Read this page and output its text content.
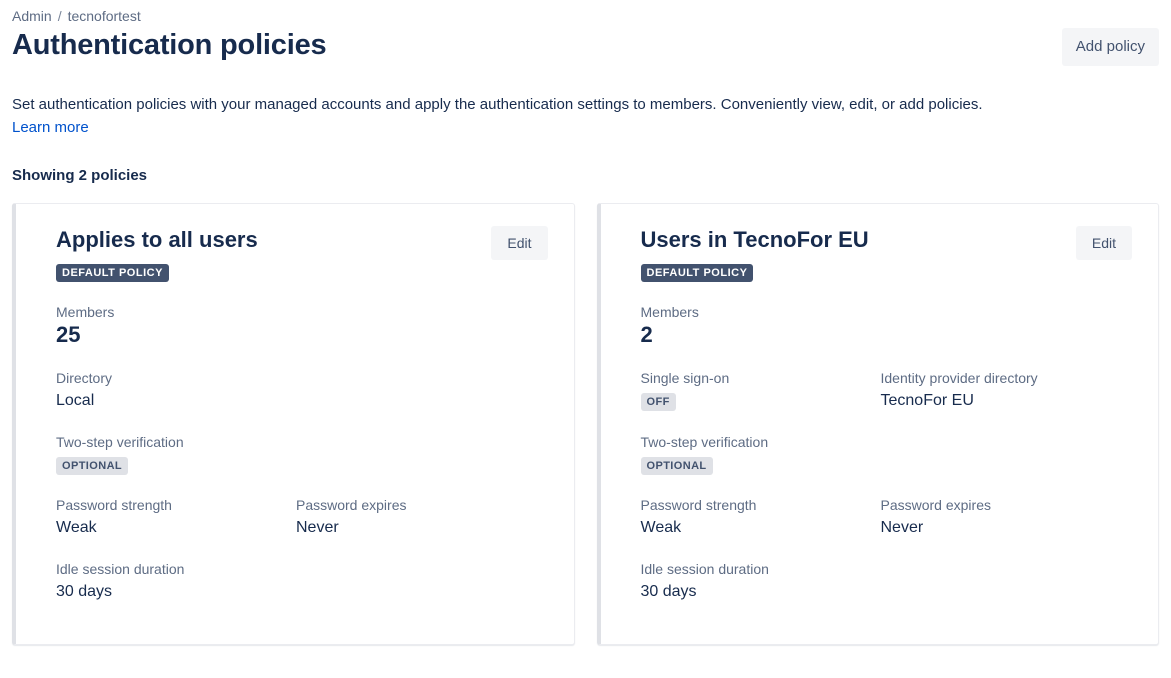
Admin / tecnofortest
Authentication policies	Add policy
Set authentication policies with your managed accounts and apply the authentication settings to members. Conveniently view, edit, or add policies.
Learn more
Showing 2 policies
Applies to all users
DEFAULT POLICY
Edit
Members
25
Directory
Local
Two-step verification
OPTIONAL
Password strength
Weak
Password expires
Never
Idle session duration
30 days
Users in TecnoFor EU
DEFAULT POLICY
Edit
Members
2
Single sign-on
OFF
Identity provider directory
TecnoFor EU
Two-step verification
OPTIONAL
Password strength
Weak
Password expires
Never
Idle session duration
30 days
